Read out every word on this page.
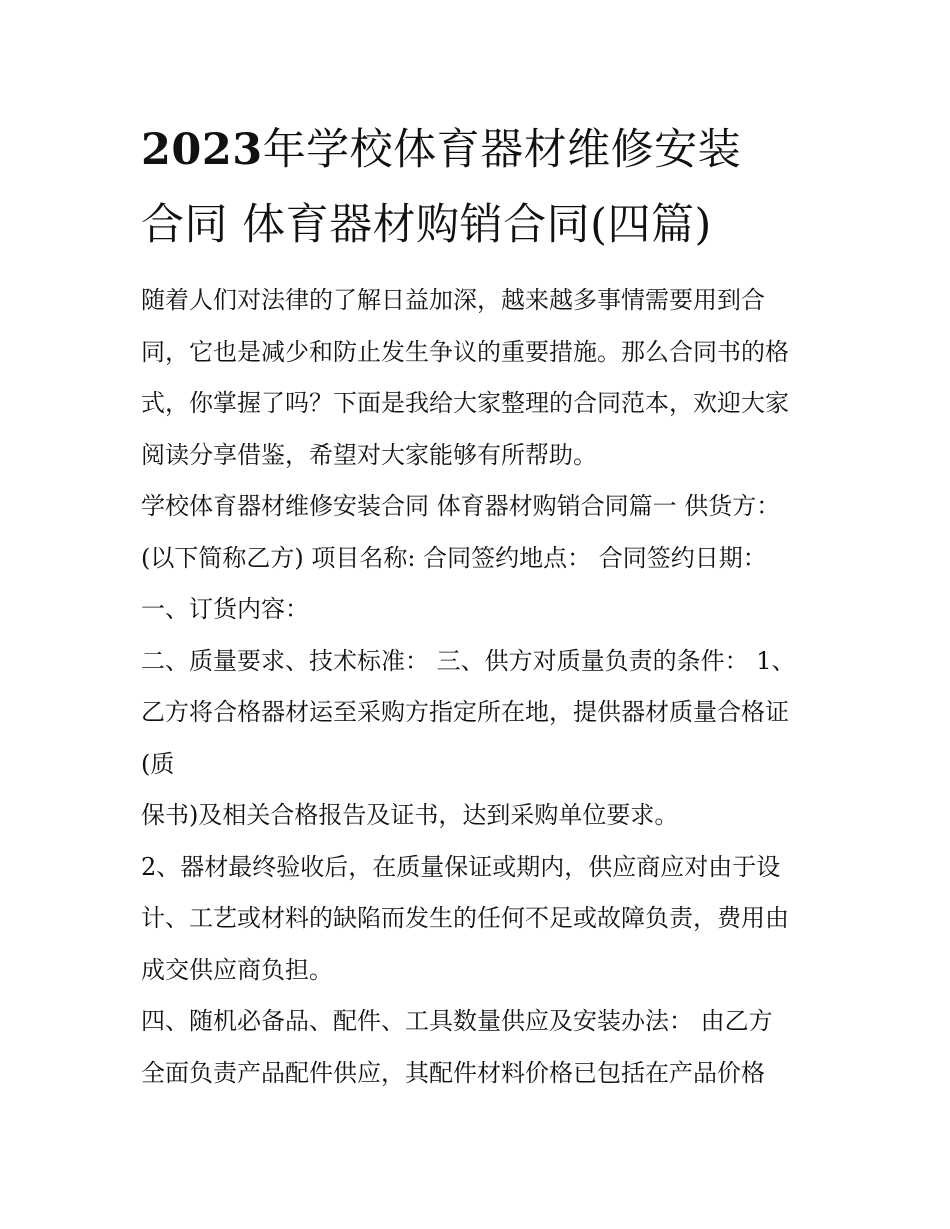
2023年学校体育器材维修安装
合同 体育器材购销合同(四篇)
随着人们对法律的了解日益加深，越来越多事情需要用到合
同，它也是减少和防止发生争议的重要措施。那么合同书的格
式，你掌握了吗？下面是我给大家整理的合同范本，欢迎大家
阅读分享借鉴，希望对大家能够有所帮助。
学校体育器材维修安装合同 体育器材购销合同篇一 供货方：
(以下简称乙方) 项目名称: 合同签约地点： 合同签约日期：
一、订货内容：
二、质量要求、技术标准： 三、供方对质量负责的条件： 1、
乙方将合格器材运至采购方指定所在地，提供器材质量合格证
(质
保书)及相关合格报告及证书，达到采购单位要求。
2、器材最终验收后，在质量保证或期内，供应商应对由于设
计、工艺或材料的缺陷而发生的任何不足或故障负责，费用由
成交供应商负担。
四、随机必备品、配件、工具数量供应及安装办法： 由乙方
全面负责产品配件供应，其配件材料价格已包括在产品价格
